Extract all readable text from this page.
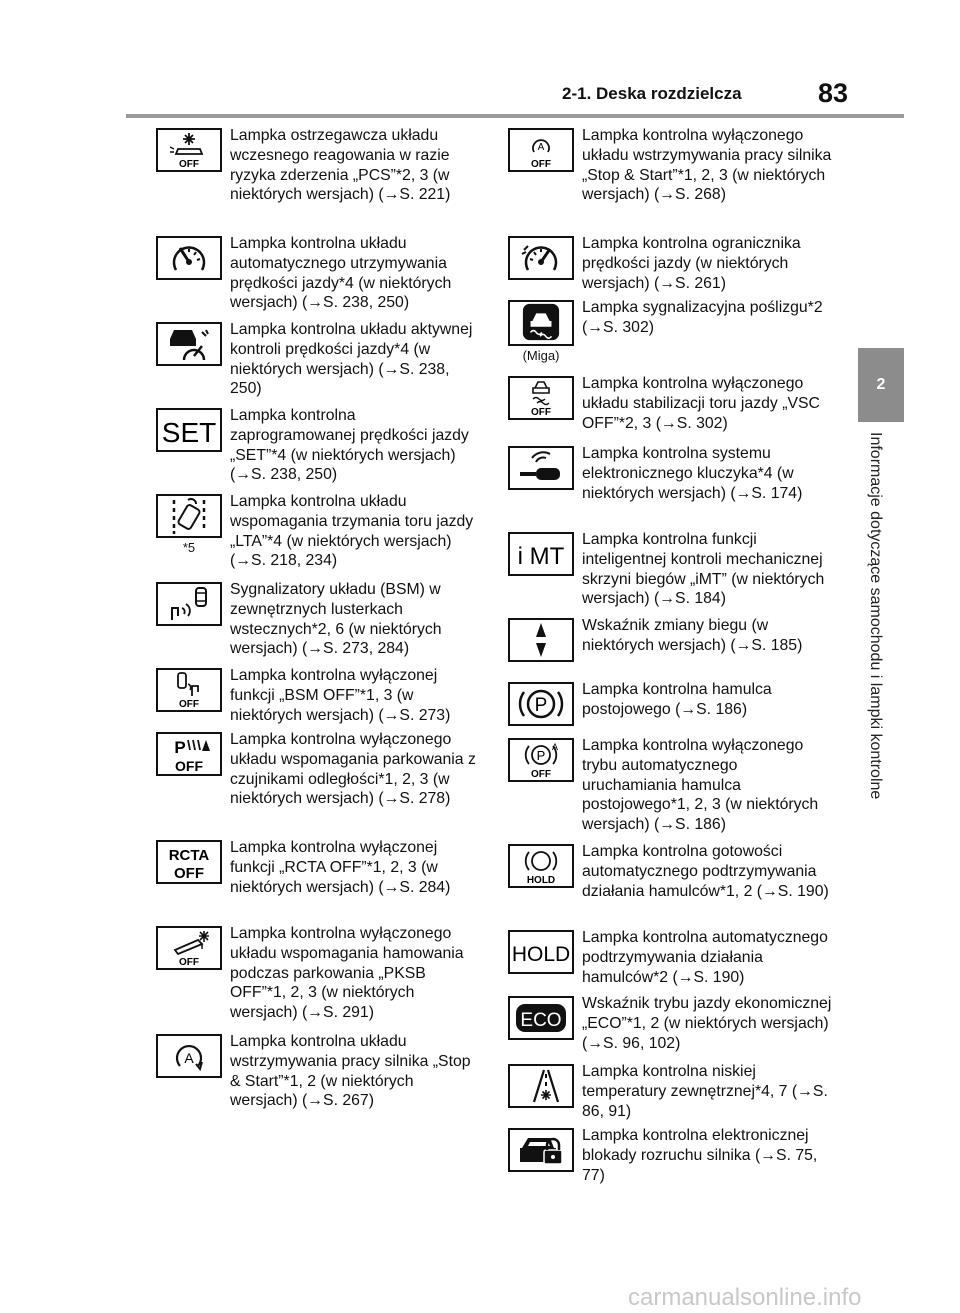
2-1. Deska rozdzielcza	83
2
Informacje dotyczące samochodu i lampki kontrolne
OFF
Lampka ostrzegawcza układu wczesnego reagowania w razie ryzyka zderzenia „PCS”*2, 3 (w niektórych wersjach) (→S. 221)
Lampka kontrolna układu automatycznego utrzymywania prędkości jazdy*4 (w niektórych wersjach) (→S. 238, 250)
Lampka kontrolna układu aktywnej kontroli prędkości jazdy*4 (w niektórych wersjach) (→S. 238, 250)
SET
Lampka kontrolna zaprogramowanej prędkości jazdy „SET”*4 (w niektórych wersjach) (→S. 238, 250)
*5
Lampka kontrolna układu wspomagania trzymania toru jazdy „LTA”*4 (w niektórych wersjach) (→S. 218, 234)
Sygnalizatory układu (BSM) w zewnętrznych lusterkach wstecznych*2, 6 (w niektórych wersjach) (→S. 273, 284)
OFF
Lampka kontrolna wyłączonej funkcji „BSM OFF”*1, 3 (w niektórych wersjach) (→S. 273)
P
OFF
Lampka kontrolna wyłączonego układu wspomagania parkowania z czujnikami odległości*1, 2, 3 (w niektórych wersjach) (→S. 278)
RCTA
OFF
Lampka kontrolna wyłączonej funkcji „RCTA OFF”*1, 2, 3 (w niektórych wersjach) (→S. 284)
OFF
Lampka kontrolna wyłączonego układu wspomagania hamowania podczas parkowania „PKSB OFF”*1, 2, 3 (w niektórych wersjach) (→S. 291)
A
Lampka kontrolna układu wstrzymywania pracy silnika „Stop & Start”*1, 2 (w niektórych wersjach) (→S. 267)
A
OFF
Lampka kontrolna wyłączonego układu wstrzymywania pracy silnika „Stop & Start”*1, 2, 3 (w niektórych wersjach) (→S. 268)
Lampka kontrolna ogranicznika prędkości jazdy (w niektórych wersjach) (→S. 261)
(Miga)
Lampka sygnalizacyjna poślizgu*2 (→S. 302)
OFF
Lampka kontrolna wyłączonego układu stabilizacji toru jazdy „VSC OFF”*2, 3 (→S. 302)
Lampka kontrolna systemu elektronicznego kluczyka*4 (w niektórych wersjach) (→S. 174)
i MT
Lampka kontrolna funkcji inteligentnej kontroli mechanicznej skrzyni biegów „iMT” (w niektórych wersjach) (→S. 184)
Wskaźnik zmiany biegu (w niektórych wersjach) (→S. 185)
P
Lampka kontrolna hamulca postojowego (→S. 186)
P
A
OFF
Lampka kontrolna wyłączonego trybu automatycznego uruchamiania hamulca postojowego*1, 2, 3 (w niektórych wersjach) (→S. 186)
HOLD
Lampka kontrolna gotowości automatycznego podtrzymywania działania hamulców*1, 2 (→S. 190)
HOLD
Lampka kontrolna automatycznego podtrzymywania działania hamulców*2 (→S. 190)
ECO
Wskaźnik trybu jazdy ekonomicznej „ECO”*1, 2 (w niektórych wersjach) (→S. 96, 102)
Lampka kontrolna niskiej temperatury zewnętrznej*4, 7 (→S. 86, 91)
Lampka kontrolna elektronicznej blokady rozruchu silnika (→S. 75, 77)
carmanualsonline.info
